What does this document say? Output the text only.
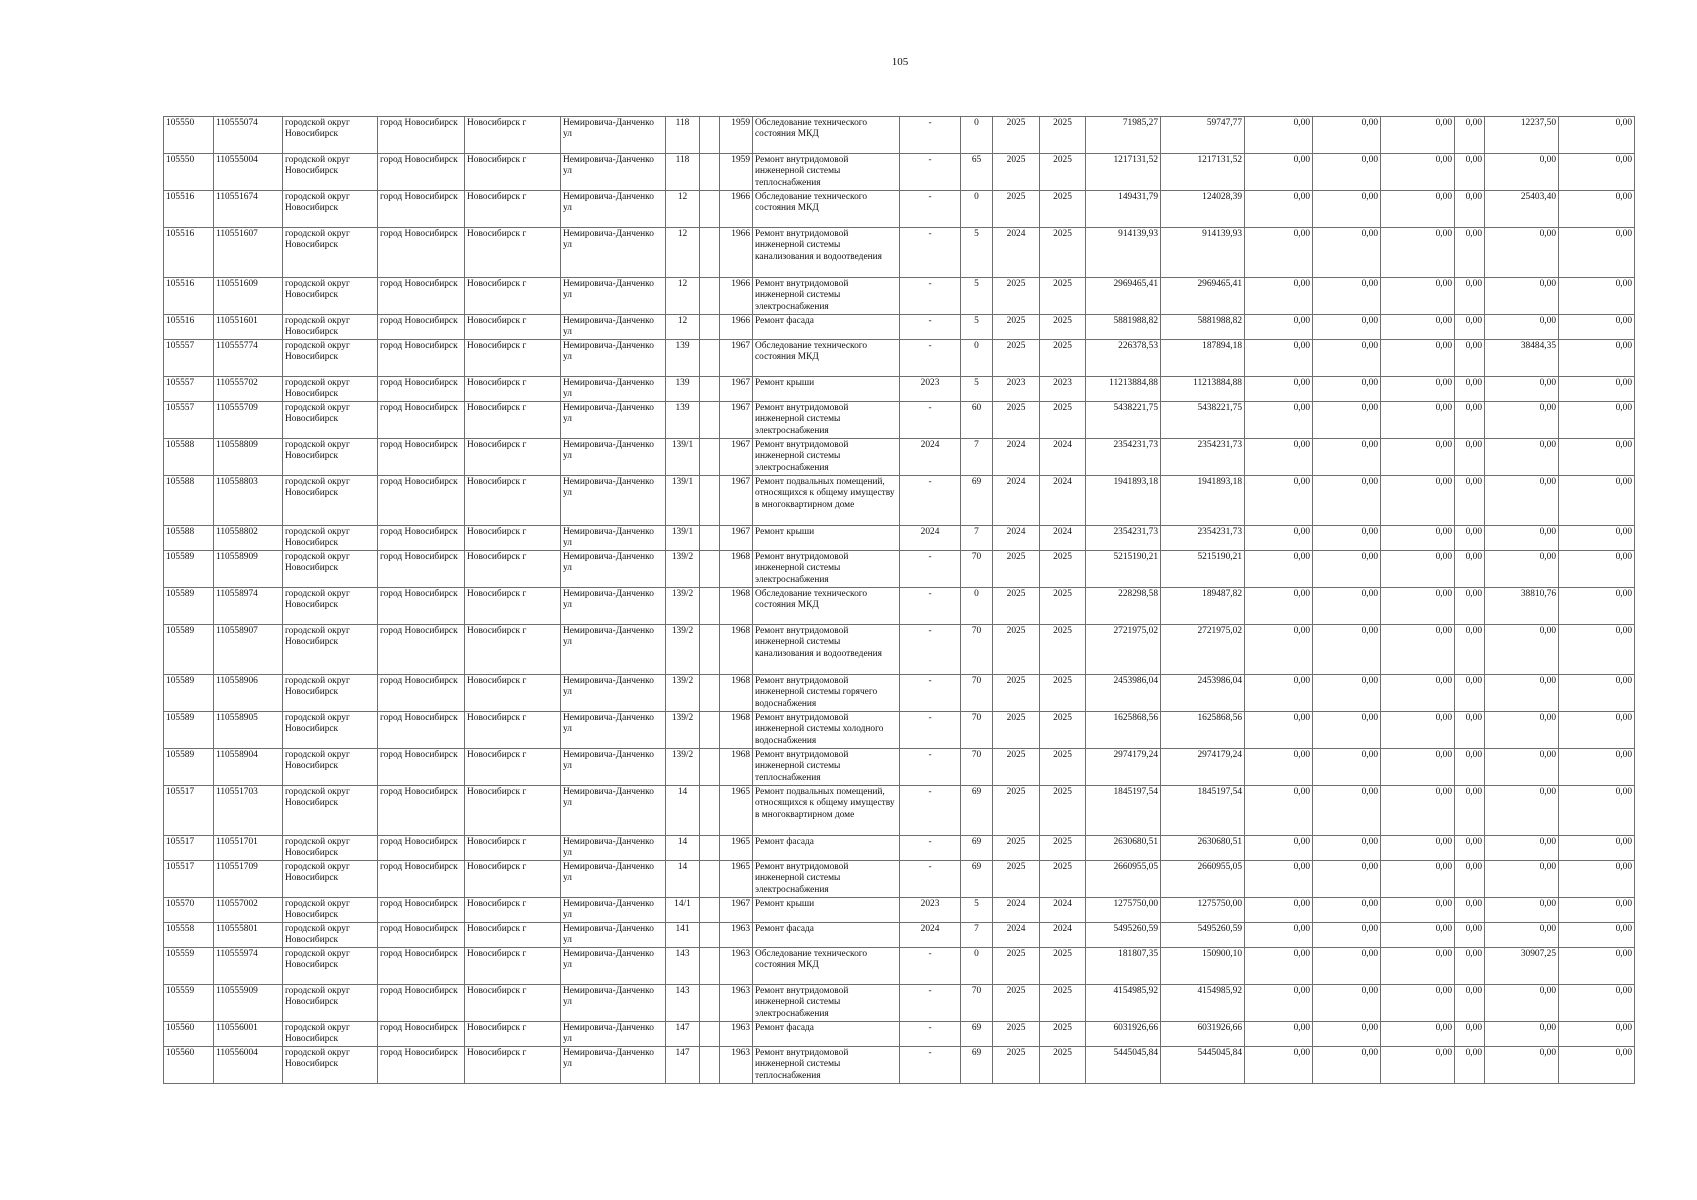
105
105550	110555074	городской округ Новосибирск	город Новосибирск	Новосибирск г	Немировича-Данченко ул	118		1959	Обследование технического состояния МКД	-	0	2025	2025	71985,27	59747,77	0,00	0,00	0,00	0,00	12237,50	0,00
105550	110555004	городской округ Новосибирск	город Новосибирск	Новосибирск г	Немировича-Данченко ул	118		1959	Ремонт внутридомовой инженерной системы теплоснабжения	-	65	2025	2025	1217131,52	1217131,52	0,00	0,00	0,00	0,00	0,00	0,00
105516	110551674	городской округ Новосибирск	город Новосибирск	Новосибирск г	Немировича-Данченко ул	12		1966	Обследование технического состояния МКД	-	0	2025	2025	149431,79	124028,39	0,00	0,00	0,00	0,00	25403,40	0,00
105516	110551607	городской округ Новосибирск	город Новосибирск	Новосибирск г	Немировича-Данченко ул	12		1966	Ремонт внутридомовой инженерной системы канализования и водоотведения	-	5	2024	2025	914139,93	914139,93	0,00	0,00	0,00	0,00	0,00	0,00
105516	110551609	городской округ Новосибирск	город Новосибирск	Новосибирск г	Немировича-Данченко ул	12		1966	Ремонт внутридомовой инженерной системы электроснабжения	-	5	2025	2025	2969465,41	2969465,41	0,00	0,00	0,00	0,00	0,00	0,00
105516	110551601	городской округ Новосибирск	город Новосибирск	Новосибирск г	Немировича-Данченко ул	12		1966	Ремонт фасада	-	5	2025	2025	5881988,82	5881988,82	0,00	0,00	0,00	0,00	0,00	0,00
105557	110555774	городской округ Новосибирск	город Новосибирск	Новосибирск г	Немировича-Данченко ул	139		1967	Обследование технического состояния МКД	-	0	2025	2025	226378,53	187894,18	0,00	0,00	0,00	0,00	38484,35	0,00
105557	110555702	городской округ Новосибирск	город Новосибирск	Новосибирск г	Немировича-Данченко ул	139		1967	Ремонт крыши	2023	5	2023	2023	11213884,88	11213884,88	0,00	0,00	0,00	0,00	0,00	0,00
105557	110555709	городской округ Новосибирск	город Новосибирск	Новосибирск г	Немировича-Данченко ул	139		1967	Ремонт внутридомовой инженерной системы электроснабжения	-	60	2025	2025	5438221,75	5438221,75	0,00	0,00	0,00	0,00	0,00	0,00
105588	110558809	городской округ Новосибирск	город Новосибирск	Новосибирск г	Немировича-Данченко ул	139/1		1967	Ремонт внутридомовой инженерной системы электроснабжения	2024	7	2024	2024	2354231,73	2354231,73	0,00	0,00	0,00	0,00	0,00	0,00
105588	110558803	городской округ Новосибирск	город Новосибирск	Новосибирск г	Немировича-Данченко ул	139/1		1967	Ремонт подвальных помещений, относящихся к общему имуществу в многоквартирном доме	-	69	2024	2024	1941893,18	1941893,18	0,00	0,00	0,00	0,00	0,00	0,00
105588	110558802	городской округ Новосибирск	город Новосибирск	Новосибирск г	Немировича-Данченко ул	139/1		1967	Ремонт крыши	2024	7	2024	2024	2354231,73	2354231,73	0,00	0,00	0,00	0,00	0,00	0,00
105589	110558909	городской округ Новосибирск	город Новосибирск	Новосибирск г	Немировича-Данченко ул	139/2		1968	Ремонт внутридомовой инженерной системы электроснабжения	-	70	2025	2025	5215190,21	5215190,21	0,00	0,00	0,00	0,00	0,00	0,00
105589	110558974	городской округ Новосибирск	город Новосибирск	Новосибирск г	Немировича-Данченко ул	139/2		1968	Обследование технического состояния МКД	-	0	2025	2025	228298,58	189487,82	0,00	0,00	0,00	0,00	38810,76	0,00
105589	110558907	городской округ Новосибирск	город Новосибирск	Новосибирск г	Немировича-Данченко ул	139/2		1968	Ремонт внутридомовой инженерной системы канализования и водоотведения	-	70	2025	2025	2721975,02	2721975,02	0,00	0,00	0,00	0,00	0,00	0,00
105589	110558906	городской округ Новосибирск	город Новосибирск	Новосибирск г	Немировича-Данченко ул	139/2		1968	Ремонт внутридомовой инженерной системы горячего водоснабжения	-	70	2025	2025	2453986,04	2453986,04	0,00	0,00	0,00	0,00	0,00	0,00
105589	110558905	городской округ Новосибирск	город Новосибирск	Новосибирск г	Немировича-Данченко ул	139/2		1968	Ремонт внутридомовой инженерной системы холодного водоснабжения	-	70	2025	2025	1625868,56	1625868,56	0,00	0,00	0,00	0,00	0,00	0,00
105589	110558904	городской округ Новосибирск	город Новосибирск	Новосибирск г	Немировича-Данченко ул	139/2		1968	Ремонт внутридомовой инженерной системы теплоснабжения	-	70	2025	2025	2974179,24	2974179,24	0,00	0,00	0,00	0,00	0,00	0,00
105517	110551703	городской округ Новосибирск	город Новосибирск	Новосибирск г	Немировича-Данченко ул	14		1965	Ремонт подвальных помещений, относящихся к общему имуществу в многоквартирном доме	-	69	2025	2025	1845197,54	1845197,54	0,00	0,00	0,00	0,00	0,00	0,00
105517	110551701	городской округ Новосибирск	город Новосибирск	Новосибирск г	Немировича-Данченко ул	14		1965	Ремонт фасада	-	69	2025	2025	2630680,51	2630680,51	0,00	0,00	0,00	0,00	0,00	0,00
105517	110551709	городской округ Новосибирск	город Новосибирск	Новосибирск г	Немировича-Данченко ул	14		1965	Ремонт внутридомовой инженерной системы электроснабжения	-	69	2025	2025	2660955,05	2660955,05	0,00	0,00	0,00	0,00	0,00	0,00
105570	110557002	городской округ Новосибирск	город Новосибирск	Новосибирск г	Немировича-Данченко ул	14/1		1967	Ремонт крыши	2023	5	2024	2024	1275750,00	1275750,00	0,00	0,00	0,00	0,00	0,00	0,00
105558	110555801	городской округ Новосибирск	город Новосибирск	Новосибирск г	Немировича-Данченко ул	141		1963	Ремонт фасада	2024	7	2024	2024	5495260,59	5495260,59	0,00	0,00	0,00	0,00	0,00	0,00
105559	110555974	городской округ Новосибирск	город Новосибирск	Новосибирск г	Немировича-Данченко ул	143		1963	Обследование технического состояния МКД	-	0	2025	2025	181807,35	150900,10	0,00	0,00	0,00	0,00	30907,25	0,00
105559	110555909	городской округ Новосибирск	город Новосибирск	Новосибирск г	Немировича-Данченко ул	143		1963	Ремонт внутридомовой инженерной системы электроснабжения	-	70	2025	2025	4154985,92	4154985,92	0,00	0,00	0,00	0,00	0,00	0,00
105560	110556001	городской округ Новосибирск	город Новосибирск	Новосибирск г	Немировича-Данченко ул	147		1963	Ремонт фасада	-	69	2025	2025	6031926,66	6031926,66	0,00	0,00	0,00	0,00	0,00	0,00
105560	110556004	городской округ Новосибирск	город Новосибирск	Новосибирск г	Немировича-Данченко ул	147		1963	Ремонт внутридомовой инженерной системы теплоснабжения	-	69	2025	2025	5445045,84	5445045,84	0,00	0,00	0,00	0,00	0,00	0,00
